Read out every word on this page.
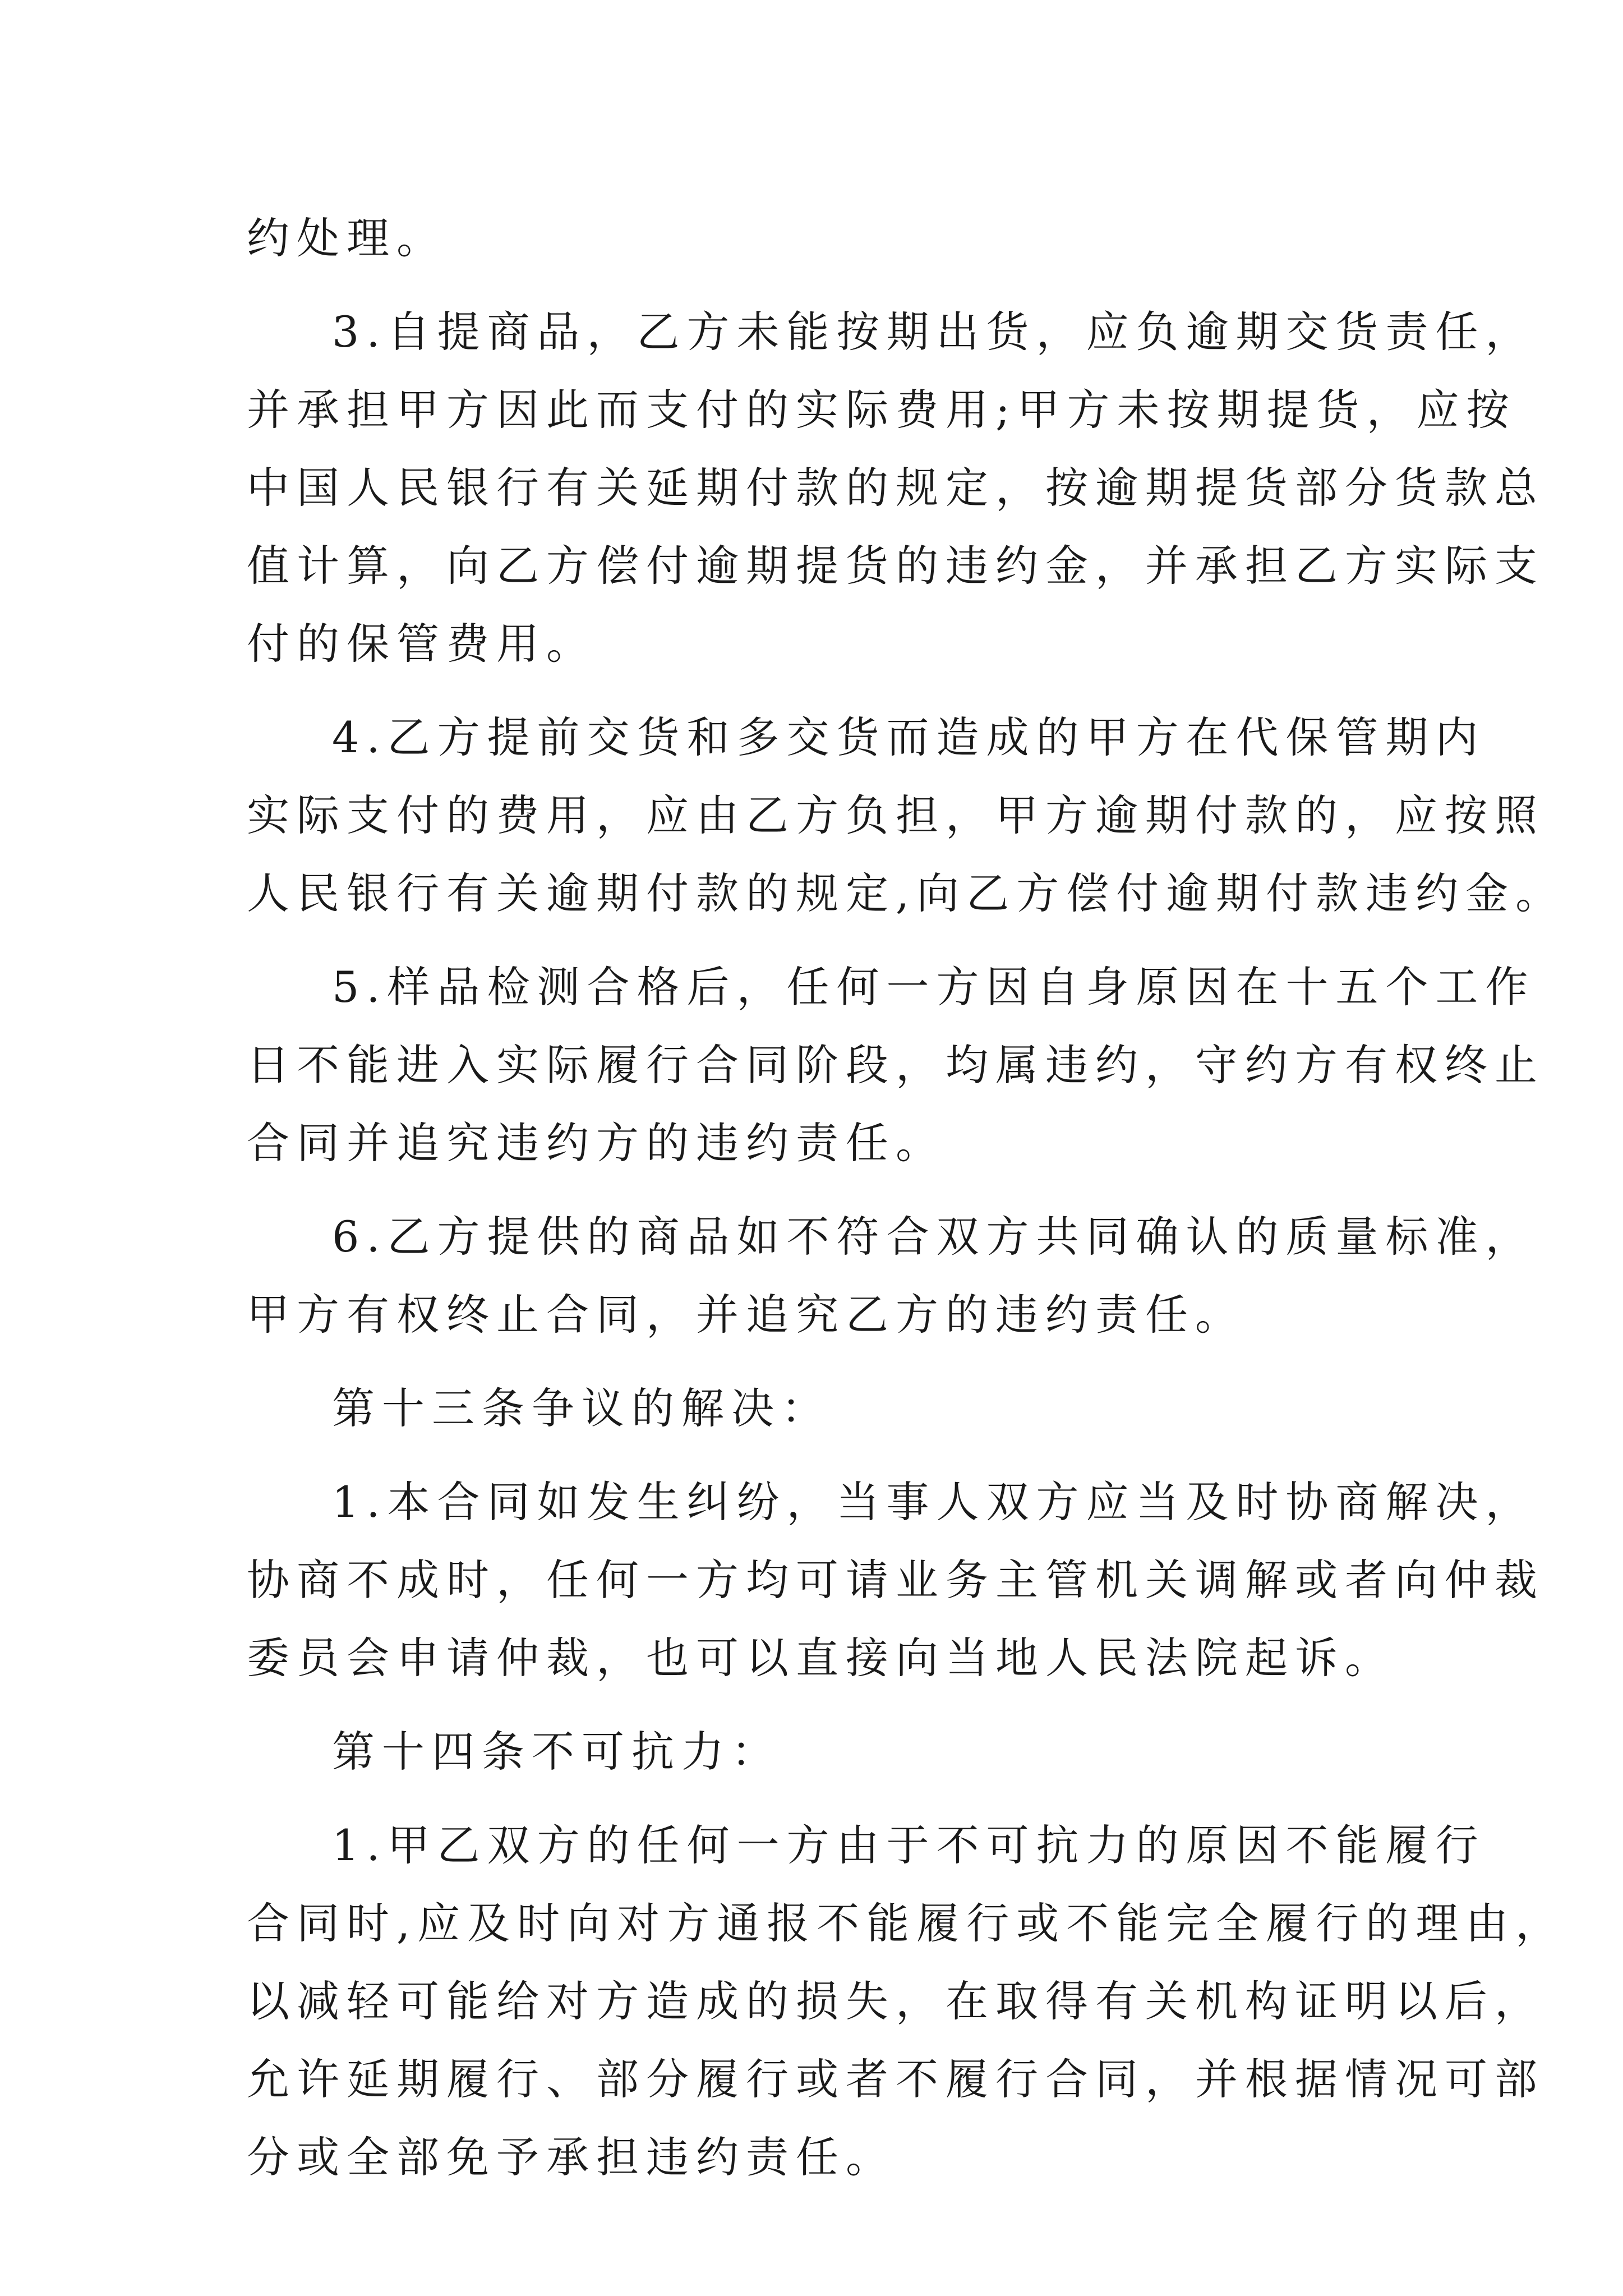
约处理。

3.自提商品，乙方未能按期出货，应负逾期交货责任，
并承担甲方因此而支付的实际费用;甲方未按期提货，应按
中国人民银行有关延期付款的规定，按逾期提货部分货款总
值计算，向乙方偿付逾期提货的违约金，并承担乙方实际支
付的保管费用。

4.乙方提前交货和多交货而造成的甲方在代保管期内
实际支付的费用，应由乙方负担，甲方逾期付款的，应按照
人民银行有关逾期付款的规定,向乙方偿付逾期付款违约金。

5.样品检测合格后，任何一方因自身原因在十五个工作
日不能进入实际履行合同阶段，均属违约，守约方有权终止
合同并追究违约方的违约责任。

6.乙方提供的商品如不符合双方共同确认的质量标准，
甲方有权终止合同，并追究乙方的违约责任。

第十三条争议的解决：

1.本合同如发生纠纷，当事人双方应当及时协商解决，
协商不成时，任何一方均可请业务主管机关调解或者向仲裁
委员会申请仲裁，也可以直接向当地人民法院起诉。

第十四条不可抗力：

1.甲乙双方的任何一方由于不可抗力的原因不能履行
合同时,应及时向对方通报不能履行或不能完全履行的理由，
以减轻可能给对方造成的损失，在取得有关机构证明以后，
允许延期履行、部分履行或者不履行合同，并根据情况可部
分或全部免予承担违约责任。
